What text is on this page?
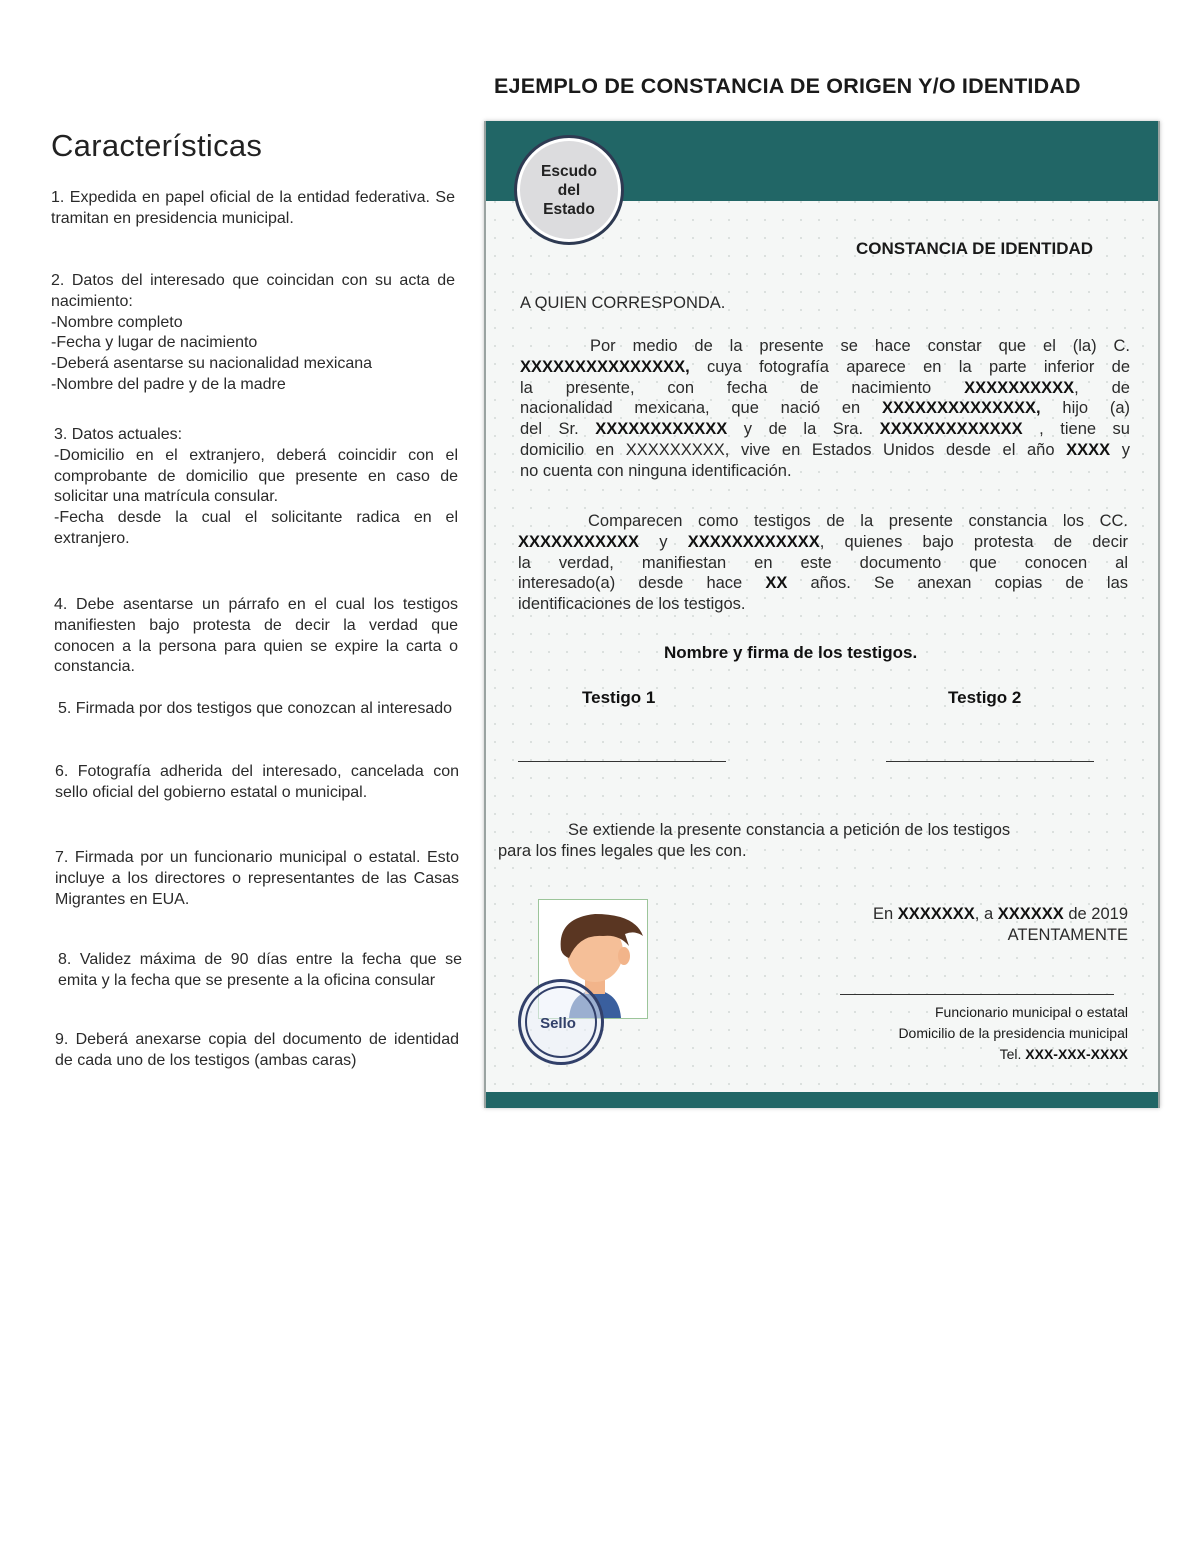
EJEMPLO DE CONSTANCIA DE ORIGEN Y/O IDENTIDAD
Características
1. Expedida en papel oficial de la entidad federativa. Se tramitan en presidencia municipal.
2. Datos del interesado que coincidan con su acta de nacimiento:
-Nombre completo
-Fecha y lugar de nacimiento
-Deberá asentarse su nacionalidad mexicana
-Nombre del padre y de la madre
3. Datos actuales:
-Domicilio en el extranjero, deberá coincidir con el comprobante de domicilio que presente en caso de solicitar una matrícula consular.
-Fecha desde la cual el solicitante radica en el extranjero.
4. Debe asentarse un párrafo en el cual los testigos manifiesten bajo protesta de decir la verdad que conocen a la persona para quien se expire la carta o constancia.
5. Firmada por dos testigos que conozcan al interesado
6. Fotografía adherida del interesado, cancelada con sello oficial del gobierno estatal o municipal.
7. Firmada por un funcionario municipal o estatal. Esto incluye a los directores o representantes de las Casas Migrantes en EUA.
8. Validez máxima de 90 días entre la fecha que se emita y la fecha que se presente a la oficina consular
9. Deberá anexarse copia del documento de identidad de cada uno de los testigos (ambas caras)
Escudo
del
Estado
CONSTANCIA DE IDENTIDAD
A QUIEN CORRESPONDA.
Por medio de la presente se hace constar que el (la) C.
XXXXXXXXXXXXXXX, cuya fotografía aparece en la parte inferior de
la presente, con fecha de nacimiento XXXXXXXXXX, de
nacionalidad mexicana, que nació en XXXXXXXXXXXXXX, hijo (a)
del Sr. XXXXXXXXXXXX y de la Sra. XXXXXXXXXXXXX , tiene su
domicilio en XXXXXXXXX, vive en Estados Unidos desde el año XXXX y
no cuenta con ninguna identificación.
Comparecen como testigos de la presente constancia los CC.
XXXXXXXXXXX y XXXXXXXXXXXX, quienes bajo protesta de decir
la verdad, manifiestan en este documento que conocen al
interesado(a) desde hace XX años. Se anexan copias de las
identificaciones de los testigos.
Nombre y firma de los testigos.
Testigo 1	Testigo 2
Se extiende la presente constancia a petición de los testigos
para los fines legales que les con.
Sello
En XXXXXXX, a XXXXXX de 2019
ATENTAMENTE
Funcionario municipal o estatal
Domicilio de la presidencia municipal
Tel. XXX-XXX-XXXX
